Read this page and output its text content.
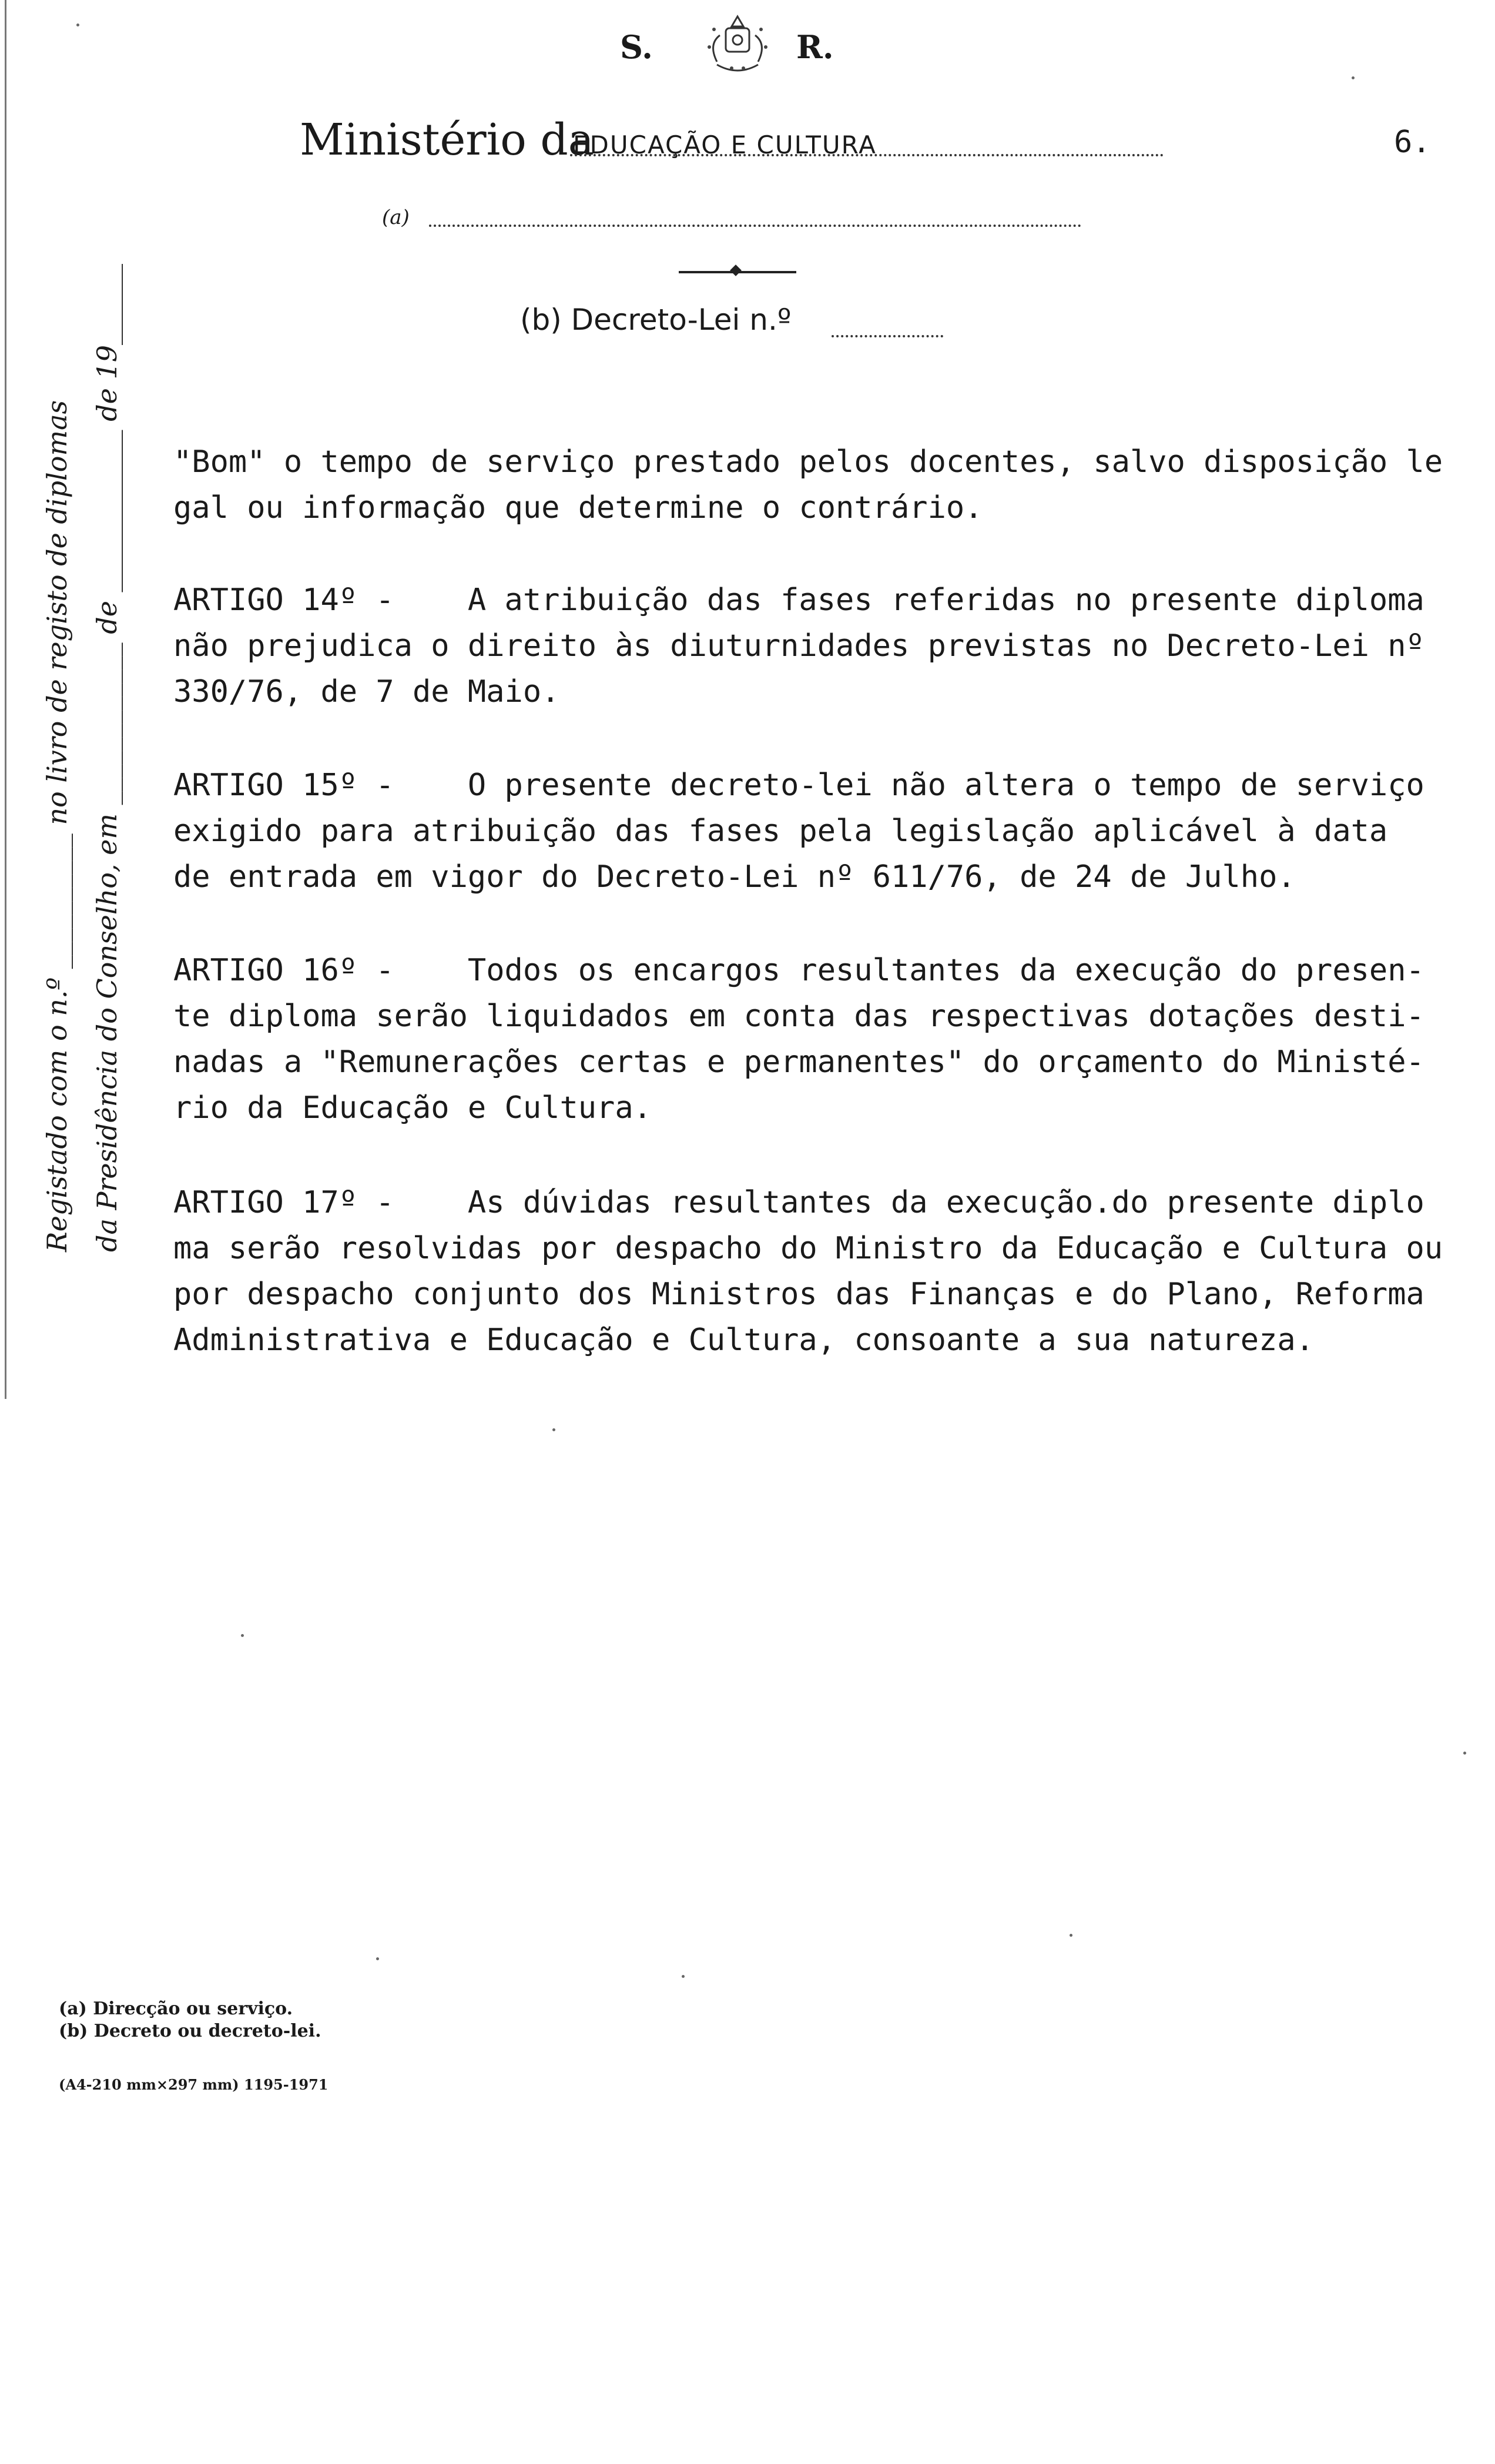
S.	R.
Ministério da
EDUCAÇÃO E CULTURA	6.
(a)
(b) Decreto-Lei n.º
Registado com o n.º __________ no livro de registo de diplomas da Presidência do Conselho, em ____________ de ____________ de 19______ "Bom" o tempo de serviço prestado pelos docentes, salvo disposição le
gal ou informação que determine o contrário.
ARTIGO 14º -    A atribuição das fases referidas no presente diploma
não prejudica o direito às diuturnidades previstas no Decreto-Lei nº
330/76, de 7 de Maio.
ARTIGO 15º -    O presente decreto-lei não altera o tempo de serviço
exigido para atribuição das fases pela legislação aplicável à data
de entrada em vigor do Decreto-Lei nº 611/76, de 24 de Julho.
ARTIGO 16º -    Todos os encargos resultantes da execução do presen-
te diploma serão liquidados em conta das respectivas dotações desti-
nadas a "Remunerações certas e permanentes" do orçamento do Ministé-
rio da Educação e Cultura.
ARTIGO 17º -    As dúvidas resultantes da execução.do presente diplo
ma serão resolvidas por despacho do Ministro da Educação e Cultura ou
por despacho conjunto dos Ministros das Finanças e do Plano, Reforma
Administrativa e Educação e Cultura, consoante a sua natureza.
(a) Direcção ou serviço.
(b) Decreto ou decreto-lei.
(A4-210 mm×297 mm) 1195-1971
